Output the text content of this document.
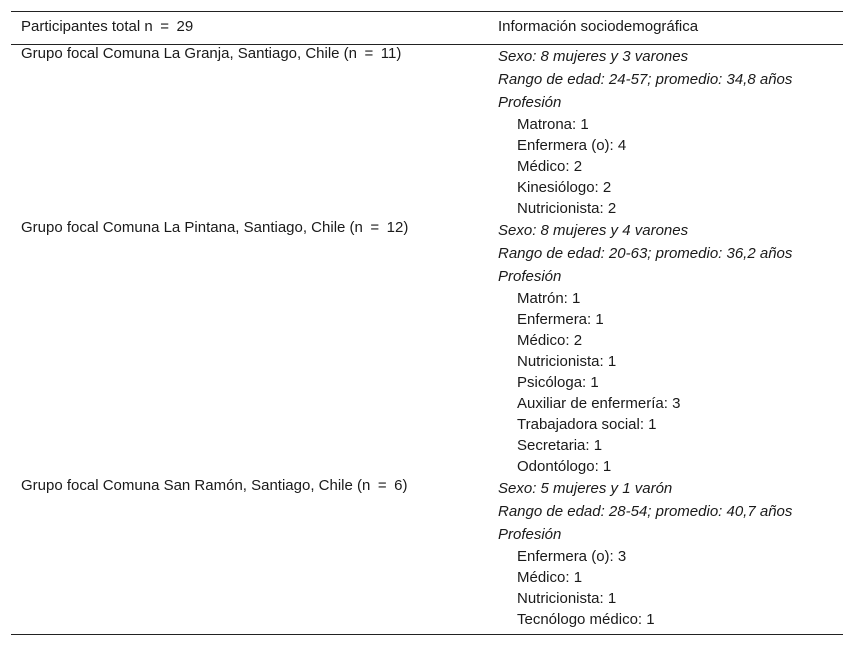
Participantes total n = 29	Información sociodemográfica
Grupo focal Comuna La Granja, Santiago, Chile (n = 11)	Sexo: 8 mujeres y 3 varones
Rango de edad: 24-57; promedio: 34,8 años
Profesión
Matrona: 1
Enfermera (o): 4
Médico: 2
Kinesiólogo: 2
Nutricionista: 2
Grupo focal Comuna La Pintana, Santiago, Chile (n = 12)	Sexo: 8 mujeres y 4 varones
Rango de edad: 20-63; promedio: 36,2 años
Profesión
Matrón: 1
Enfermera: 1
Médico: 2
Nutricionista: 1
Psicóloga: 1
Auxiliar de enfermería: 3
Trabajadora social: 1
Secretaria: 1
Odontólogo: 1
Grupo focal Comuna San Ramón, Santiago, Chile (n = 6)	Sexo: 5 mujeres y 1 varón
Rango de edad: 28-54; promedio: 40,7 años
Profesión
Enfermera (o): 3
Médico: 1
Nutricionista: 1
Tecnólogo médico: 1
